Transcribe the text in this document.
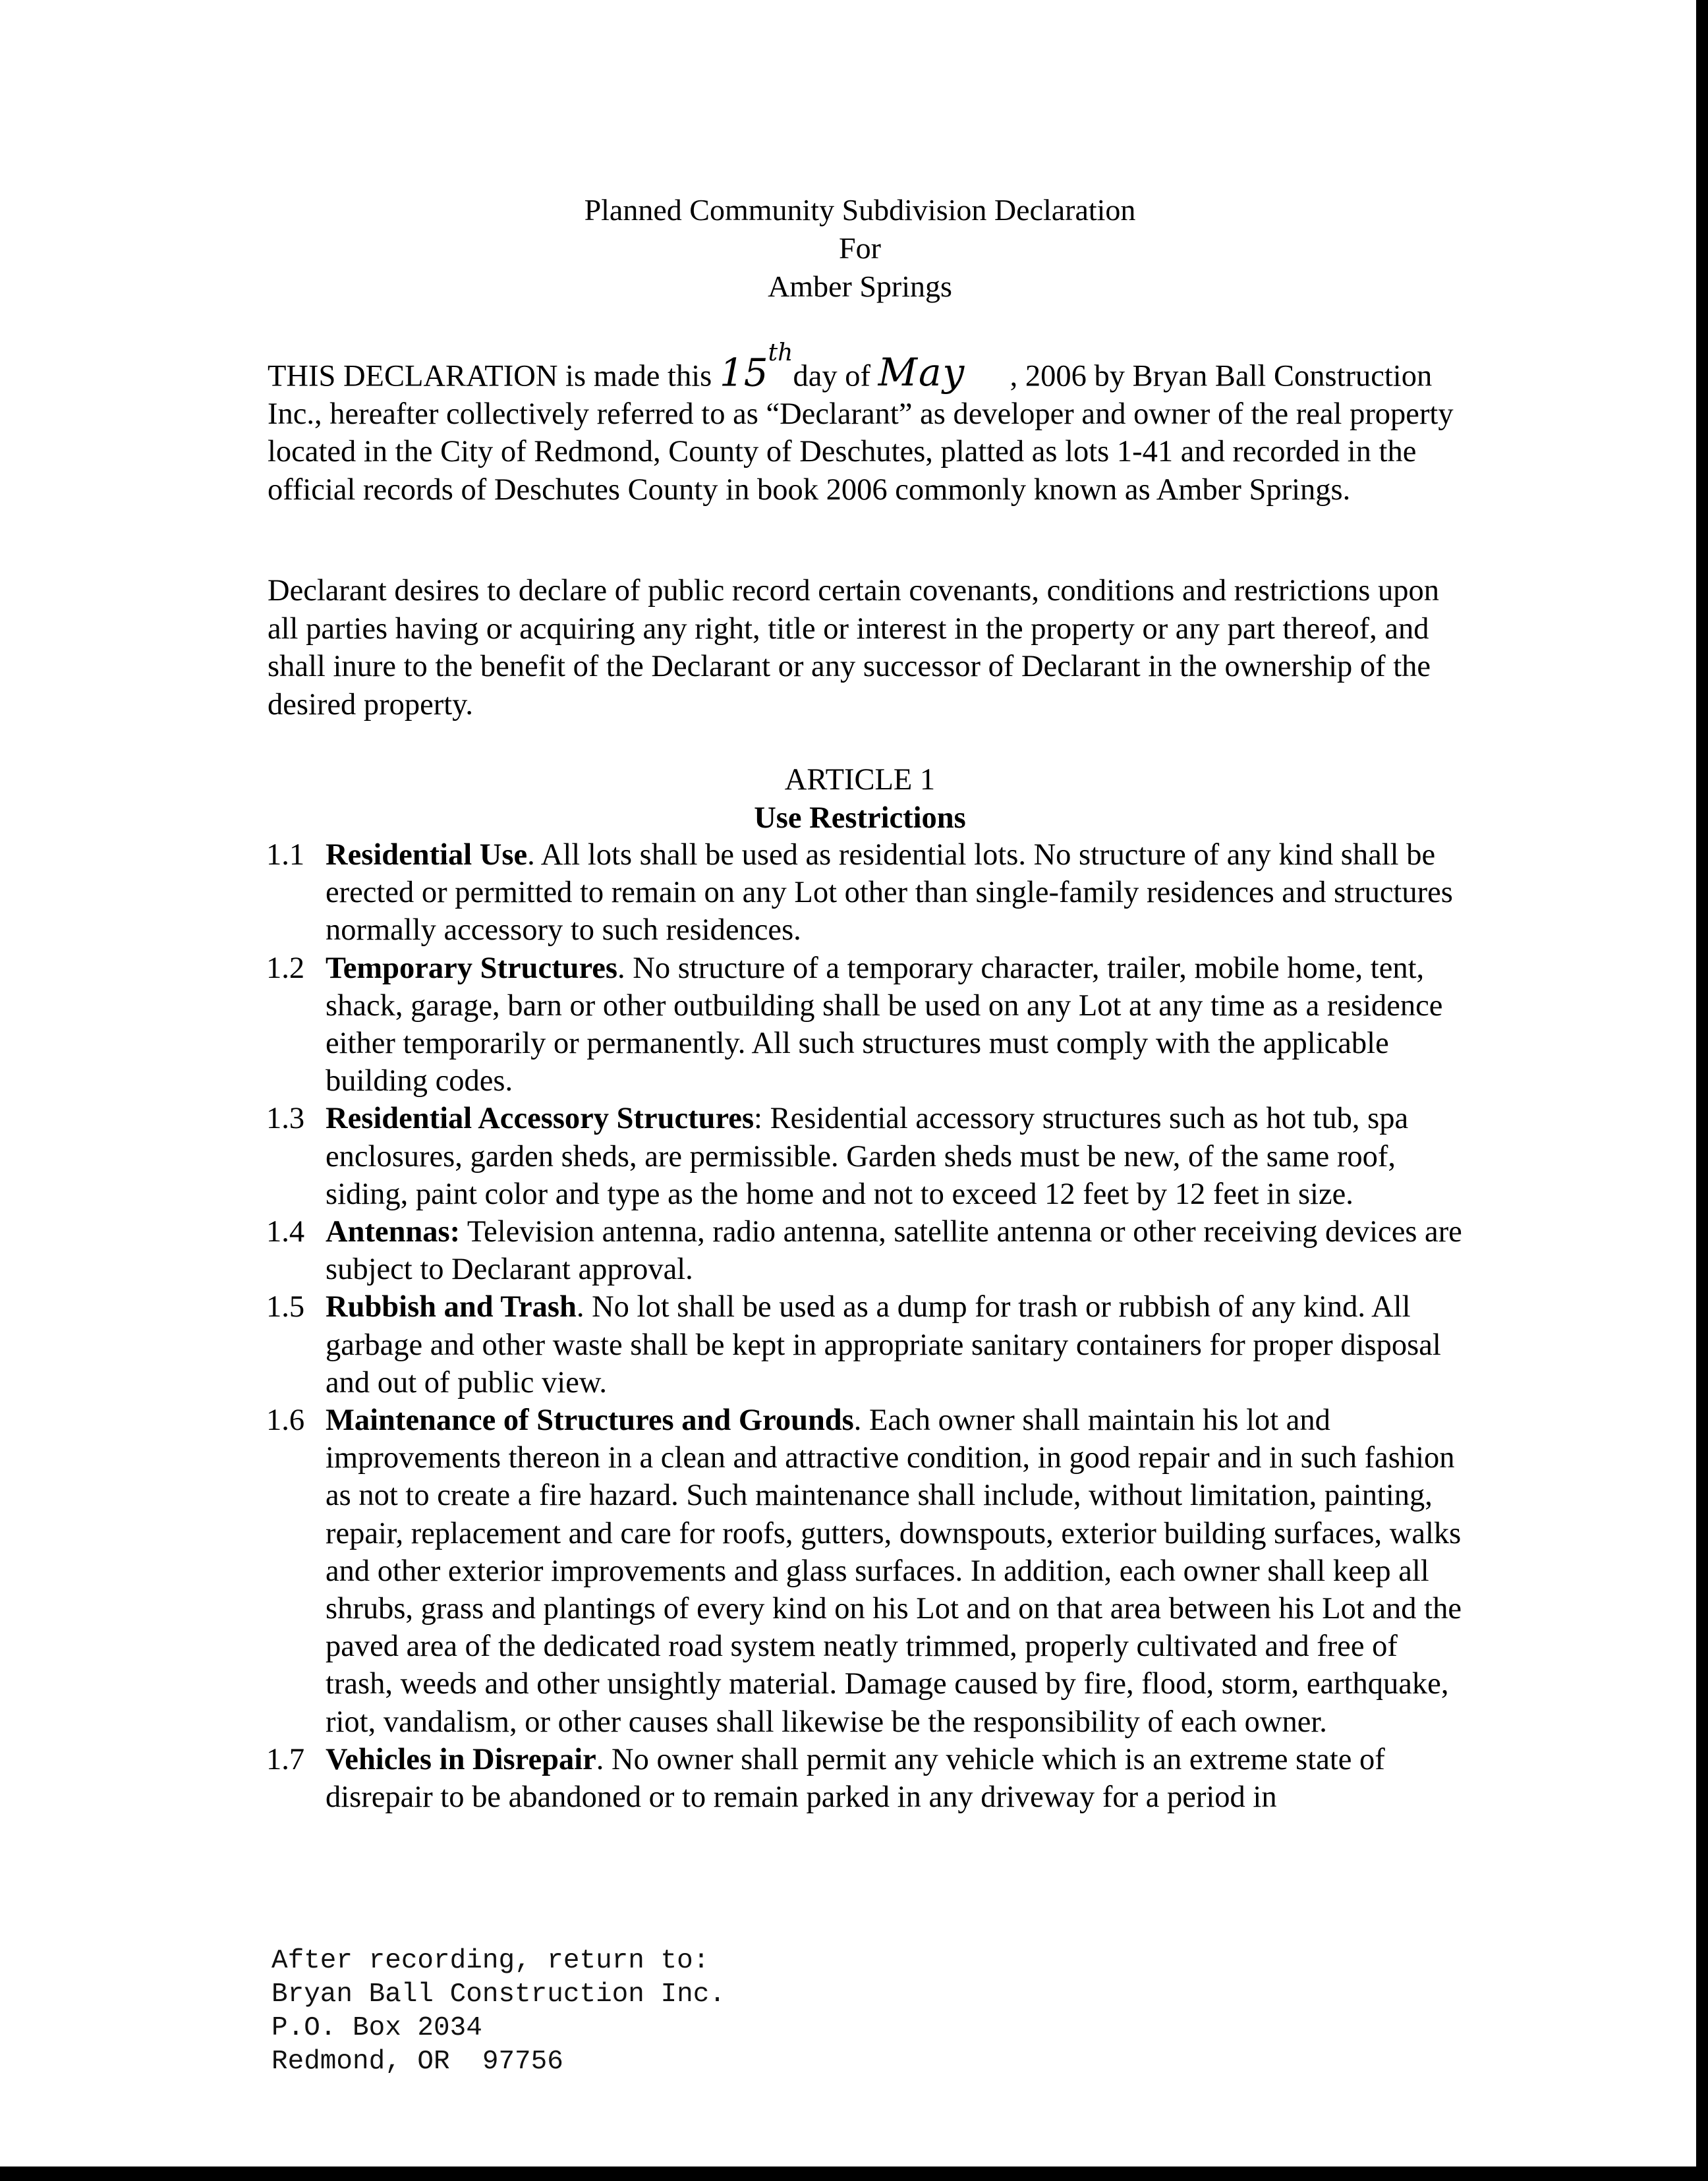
Planned Community Subdivision Declaration
For
Amber Springs

THIS DECLARATION is made this 15th day of May , 2006 by Bryan Ball Construction Inc., hereafter collectively referred to as “Declarant” as developer and owner of the real property located in the City of Redmond, County of Deschutes, platted as lots 1-41 and recorded in the official records of Deschutes County in book 2006 commonly known as Amber Springs.

Declarant desires to declare of public record certain covenants, conditions and restrictions upon all parties having or acquiring any right, title or interest in the property or any part thereof, and shall inure to the benefit of the Declarant or any successor of Declarant in the ownership of the desired property.

ARTICLE 1
Use Restrictions
1.1 Residential Use. All lots shall be used as residential lots. No structure of any kind shall be erected or permitted to remain on any Lot other than single-family residences and structures normally accessory to such residences.
1.2 Temporary Structures. No structure of a temporary character, trailer, mobile home, tent, shack, garage, barn or other outbuilding shall be used on any Lot at any time as a residence either temporarily or permanently. All such structures must comply with the applicable building codes.
1.3 Residential Accessory Structures: Residential accessory structures such as hot tub, spa enclosures, garden sheds, are permissible. Garden sheds must be new, of the same roof, siding, paint color and type as the home and not to exceed 12 feet by 12 feet in size.
1.4 Antennas: Television antenna, radio antenna, satellite antenna or other receiving devices are subject to Declarant approval.
1.5 Rubbish and Trash. No lot shall be used as a dump for trash or rubbish of any kind. All garbage and other waste shall be kept in appropriate sanitary containers for proper disposal and out of public view.
1.6 Maintenance of Structures and Grounds. Each owner shall maintain his lot and improvements thereon in a clean and attractive condition, in good repair and in such fashion as not to create a fire hazard. Such maintenance shall include, without limitation, painting, repair, replacement and care for roofs, gutters, downspouts, exterior building surfaces, walks and other exterior improvements and glass surfaces. In addition, each owner shall keep all shrubs, grass and plantings of every kind on his Lot and on that area between his Lot and the paved area of the dedicated road system neatly trimmed, properly cultivated and free of trash, weeds and other unsightly material. Damage caused by fire, flood, storm, earthquake, riot, vandalism, or other causes shall likewise be the responsibility of each owner.
1.7 Vehicles in Disrepair. No owner shall permit any vehicle which is an extreme state of disrepair to be abandoned or to remain parked in any driveway for a period in
After recording, return to:
Bryan Ball Construction Inc.
P.O. Box 2034
Redmond, OR  97756
